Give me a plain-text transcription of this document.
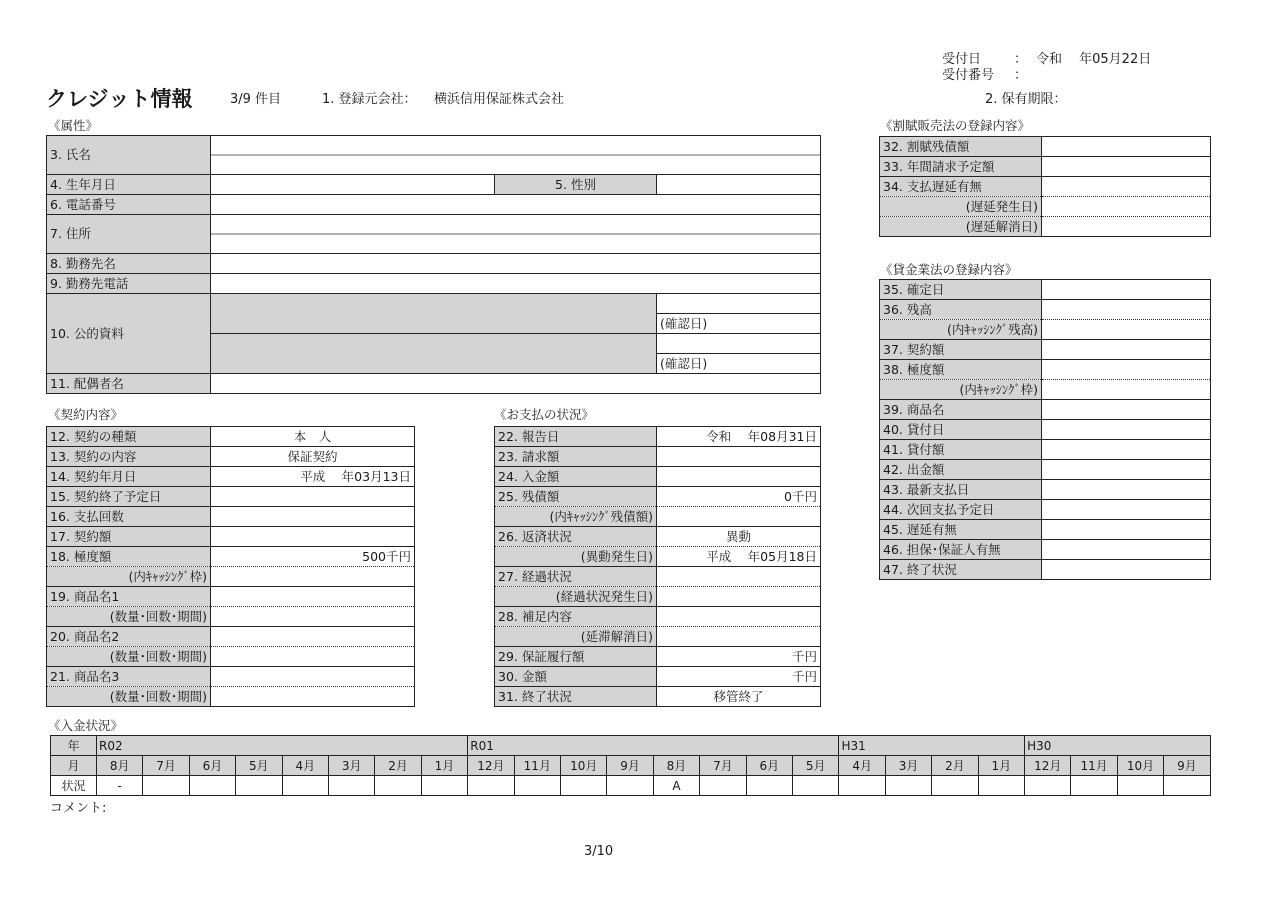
受付日	： 令和　 年05月22日
受付番号 ：
クレジット情報	3/9 件目	1. 登録元会社： 横浜信用保証株式会社	2. 保有期限：
《属性》
3. 氏名			
4. 生年月日		5. 性別	
6. 電話番号			
7. 住所			
8. 勤務先名			
9. 勤務先電話			
10. 公的資料			
			(確認日)

			(確認日)
11. 配偶者名			
《契約内容》
12. 契約の種類	本　人
13. 契約の内容	保証契約
14. 契約年月日	平成　 年03月13日
15. 契約終了予定日	
16. 支払回数	
17. 契約額	
18. 極度額	500千円
(内ｷｬｯｼﾝｸﾞ枠)	
19. 商品名1	
(数量･回数･期間)	
20. 商品名2	
(数量･回数･期間)	
21. 商品名3	
(数量･回数･期間)	
《お支払の状況》
22. 報告日	令和　 年08月31日
23. 請求額	
24. 入金額	
25. 残債額	0千円
(内ｷｬｯｼﾝｸﾞ残債額)	
26. 返済状況	異動
(異動発生日)	平成　 年05月18日
27. 経過状況	
(経過状況発生日)	
28. 補足内容	
(延滞解消日)	
29. 保証履行額	千円
30. 金額	千円
31. 終了状況	移管終了
《割賦販売法の登録内容》
32. 割賦残債額	
33. 年間請求予定額	
34. 支払遅延有無	
(遅延発生日)	
(遅延解消日)	
《貸金業法の登録内容》
35. 確定日	
36. 残高	
(内ｷｬｯｼﾝｸﾞ残高)	
37. 契約額	
38. 極度額	
(内ｷｬｯｼﾝｸﾞ枠)	
39. 商品名	
40. 貸付日	
41. 貸付額	
42. 出金額	
43. 最新支払日	
44. 次回支払予定日	
45. 遅延有無	
46. 担保･保証人有無	
47. 終了状況	
《入金状況》
年	R02								R01								H31				H30			
月	8月	7月	6月	5月	4月	3月	2月	1月	12月	11月	10月	9月	8月	7月	6月	5月	4月	3月	2月	1月	12月	11月	10月	9月
状況	-												A											
コメント:
3/10
